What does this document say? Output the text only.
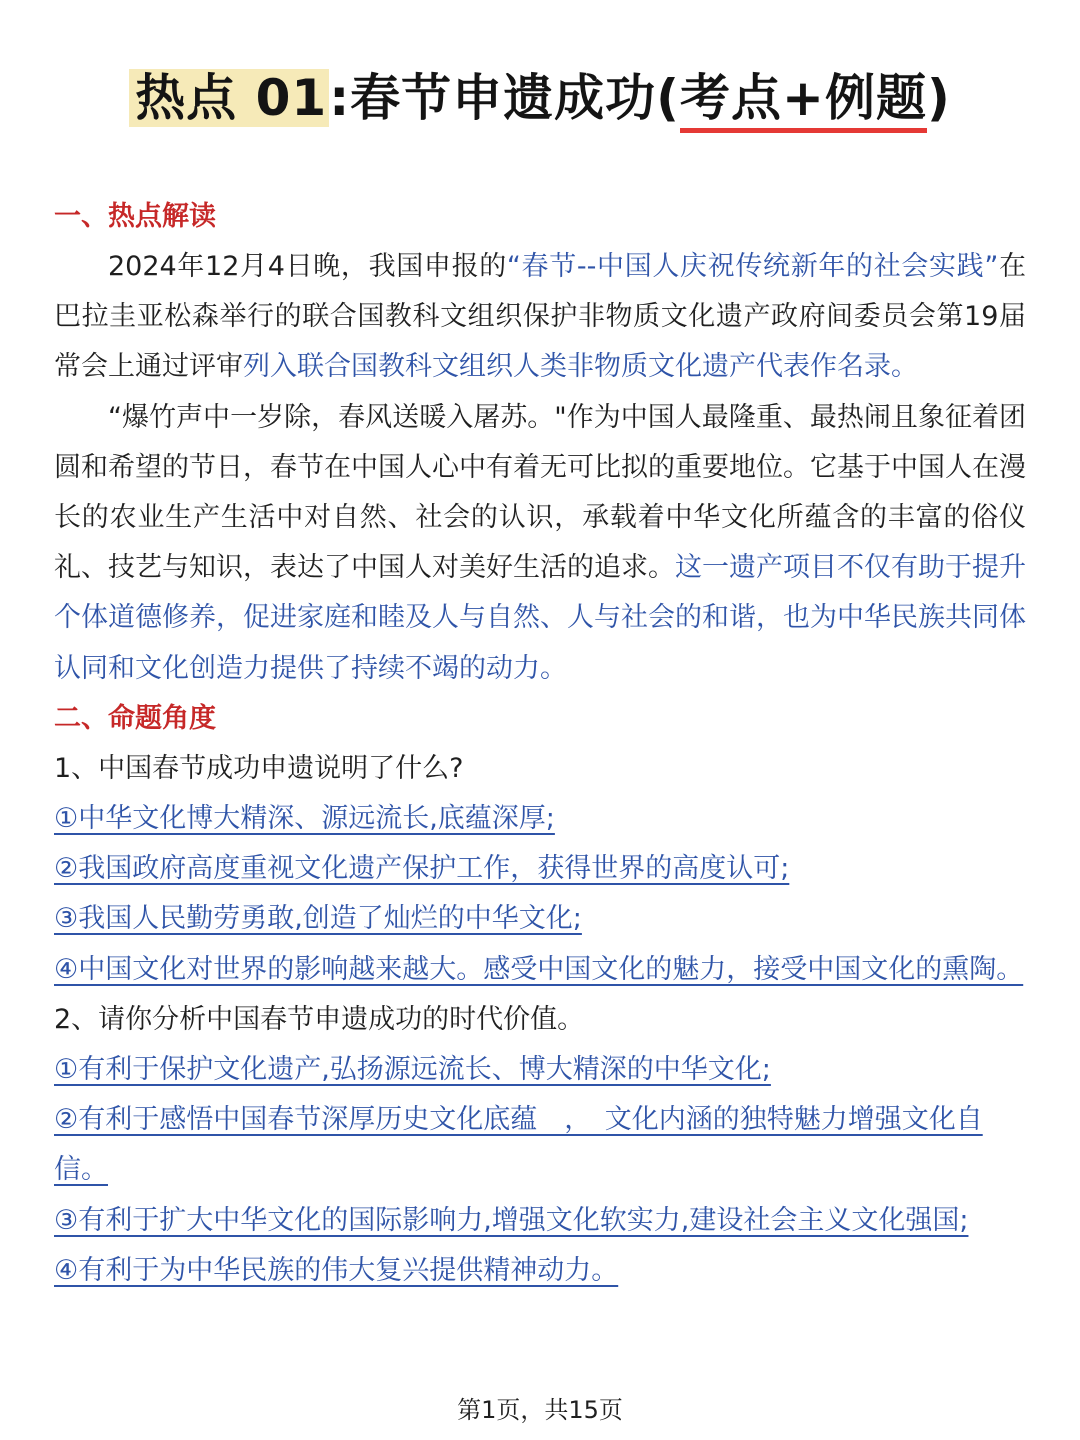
热点 01:春节申遗成功(考点+例题)
一、热点解读

2024年12月4日晚，我国申报的“春节--中国人庆祝传统新年的社会实践”在巴拉圭亚松森举行的联合国教科文组织保护非物质文化遗产政府间委员会第19届常会上通过评审列入联合国教科文组织人类非物质文化遗产代表作名录。

“爆竹声中一岁除，春风送暖入屠苏。"作为中国人最隆重、最热闹且象征着团圆和希望的节日，春节在中国人心中有着无可比拟的重要地位。它基于中国人在漫长的农业生产生活中对自然、社会的认识，承载着中华文化所蕴含的丰富的俗仪礼、技艺与知识，表达了中国人对美好生活的追求。这一遗产项目不仅有助于提升个体道德修养，促进家庭和睦及人与自然、人与社会的和谐，也为中华民族共同体认同和文化创造力提供了持续不竭的动力。

二、命题角度

1、中国春节成功申遗说明了什么?

①中华文化博大精深、源远流长,底蕴深厚;

②我国政府高度重视文化遗产保护工作，获得世界的高度认可;

③我国人民勤劳勇敢,创造了灿烂的中华文化;

④中国文化对世界的影响越来越大。感受中国文化的魅力，接受中国文化的熏陶。

2、请你分析中国春节申遗成功的时代价值。

①有利于保护文化遗产,弘扬源远流长、博大精深的中华文化;

②有利于感悟中国春节深厚历史文化底蕴　，　文化内涵的独特魅力增强文化自信。

③有利于扩大中华文化的国际影响力,增强文化软实力,建设社会主义文化强国;

④有利于为中华民族的伟大复兴提供精神动力。

第1页，共15页
